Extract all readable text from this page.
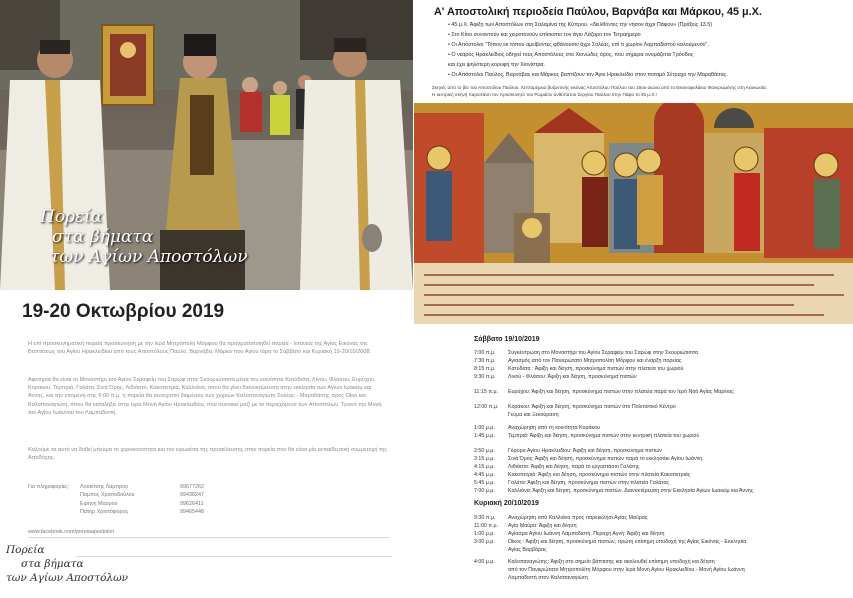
Πορεία
στα βήματα
των Αγίων Αποστόλων
19-20 Οκτωβρίου 2019

Η επί προσκυνηματική πορεία προσκύνηση με την Ιερά Μητρόπολη Μόρφου θα πραγματοποιηθεί πορεία - λιτανεία της Αγίας Εικόνας της Βαπτίσεως του Αγίου Ηρακλειδίου από τους Αποστόλους Παύλο, Βαρνάβα, Μάρκο που Αγίου Ιάρα το Σάββατο και Κυριακή 19-20/10/2008.

Αφετηρία θα είναι το Μοναστήρι του Αγίου Σεραφείμ του Σαρώφ στην Σκουριώτισσα μέσα του κοινότητα Κατύδατα, Λίνου, Φλάσου, Ευρύχου, Κορακου, Τεμπριά, Γαλάτα, Σινά Όρος, Λιθιάστο, Κακοπετριά, Καλλιάνα, όπου θα γίνει διανυκτέρευση στην εκκλησία των Αγίων Ιωακείμ και Άννης, και την επομένη στις 9:00 π.μ. η πορεία θα συνεχιστεί διαμέσου των χωριών Καλοπαναγιώτη Σολέας - Μαραθάσης προς Οίκο και Καλοπαναγιώτη, όπου θα καταλήξει στην Ιερά Μονή Αγίου Ηρακλειδίου, που συνοικεί μαζί με το περιεχόμενο των Αποστόλων. Τρανό την Μονή του Αγίου Ιωάννου του Λαμπαδιστή.

Καλούμε τα αυτό να δοθεί μήνυμα το χοροκοινότητα και τον ειρωκότα της προσέλευσης στην πορεία που θα είναι μία εκπαιδευτική συμμετοχή της Αποδόχης.

Για πληροφορίες:	Λουκίτσης Λαμπρου	99677262
Παμπος Χριστοδούλου	99438247
Ειρήνη Μαύρου	99626411
Πατήρ Χριστόφορος	99465448
www.facebook.com/poreiaapostolon
Πορεία
στα βήματα
των Αγίων Αποστόλων
Α' Αποστολική περιοδεία Παύλου, Βαρνάβα και Μάρκου, 45 μ.Χ.
• 45 μ.Χ. Άφιξη των Αποστόλων στη Σαλαμίνα της Κύπρου. «διελθόντες την νήσον άχρι Πάφου» (Πράξεις 13.5)
• Στο Κίτιο συναντούν και χειροτονούν επίσκοπο τον άγιο Λάζαρο τον Τετραήμερο
• Οι Απόστολοι "Τόπον εκ τόπου αμείβοντες φθάνουσιν άχρι Σολέας, επί τι χωρίον Λαμπαδιστού καλούμενον".
• Ο νεαρός Ηρακλείδιος οδηγεί τους Αποστόλους στο Χιονώδες όρος, που σήμερα ονομάζεται Τρόοδος
και έχει ψηλότερη κορυφή την Χιονίστρα.
• Οι Απόστολοι Παύλος, Βαρνάβας και Μάρκος βαπτίζουν τον Άγιο Ηρακλείδιο στον ποταμό Σέτραχο την Μαραθάσας.
Σκηνές από το βίο του Αποστόλου Παύλου. Λεπτομέρεια βυζαντινής εικόνας Αποστόλου Παύλου του 16ου αιώνα από το Εικονοφυλάκιο Φανερωμένης στη Λευκωσία.
Η κεντρική σκηνή παριστάνει τον προσκυνητό του Ρωμαίου ανθύπατου Σεργίου Παύλου στην Πάφο το 45 μ.Χ.!
Σάββατο 19/10/2019
7:00 π.μ.	Συγκέντρωση στο Μοναστήρι του Αγίου Σεραφείμ του Σαρώφ στην Σκουριώτισσα
7:30 π.μ.	Αγιασμός από τον Πανιερώτατο Μητροπολίτη Μόρφου και έναρξη πορείας
8:15 π.μ.	Κατύδατα : Άφιξη και δέηση, προσκύνημα πιστών στην πλατεία του χωριού
9:30 π.μ.	Λινού - Φλάσου: Άφιξη και δέηση, προσκύνημα πιστών
11:15 π.μ.	Ευρύχου: Άφιξη και δέηση, προσκύνημα πιστών στην πλατεία παρά τον Ιερό Ναό Αγίας Μαρίνας
12:00 π.μ.	Κορακου: Άφιξη και δέηση, προσκύνημα πιστών στο Πολιτιστικό Κέντρο
Γεύμα και Ξεκούραση
1:00 μ.μ.	Αναχώρηση από τη κοινότητα Κοράκου
1:45 μ.μ.	Τεμπριά: Άφιξη και δέηση, προσκύνημα πιστών στην κεντρική πλατεία του χωριού
2:50 μ.μ.	Γέφυρα Αγίου Ηρακλειδίου: Άφιξη και δέηση, προσκύνημα πιστών
3:15 μ.μ.	Σινά Όρος: Άφιξη και δέηση, προσκύνημα πιστών παρά το εκκλησάκι Αγίου Ιωάννη.
4:15 μ.μ.	Λιθιάστο: Άφιξη και δέηση, παρά το εργοστάσιο Γαλάτης
4:45 μ.μ.	Κακοπετριά: Άφιξη και δέηση, προσκύνημα πιστών στην πλατεία Κακοπετριάς
5:45 μ.μ.	Γαλάτα: Άφιξη και δέηση, προσκύνημα πιστών στην πλατεία Γαλάτας
7:00 μ.μ.	Καλλιάνα: Άφιξη και δέηση, προσκύνημα πιστών. Διανυκτέρευση στην Εκκλησία Αγίων Ιωακείμ και Άννης
Κυριακή 20/10/2019
9:30 π.μ.	Αναχώρηση από Καλλιάνα προς παρεκκλήσι Αγίας Μαύρας
11:00 π.μ.	Αγία Μαύρα: Άφιξη και δέηση
1:00 μ.μ.	Αγίασμα Αγίου Ιωάννη Λαμπαδιστή, Περαχή Αγνή: Άφιξη και δέηση
3:00 μ.μ.	Οίκος : Άφιξη και δέηση, προσκύνημα πιστών, πρώτη επίσημη υποδοχή της Αγίας Εικόνας - Εκκλησία
Αγίας Βαρβάρας
4:00 μ.μ.	Καλοπαναγιώτης: Άφιξη στο σημείο βάπτισης και ακολουθεί επίσημη υποδοχή και δέηση
από τον Πανιερώτατο Μητροπολίτη Μόρφου στην Ιερά Μονή Αγίου Ηρακλειδίου - Μονή Αγίου Ιωάννη
Λαμπαδιστή στον Καλοπαναγιώτη
